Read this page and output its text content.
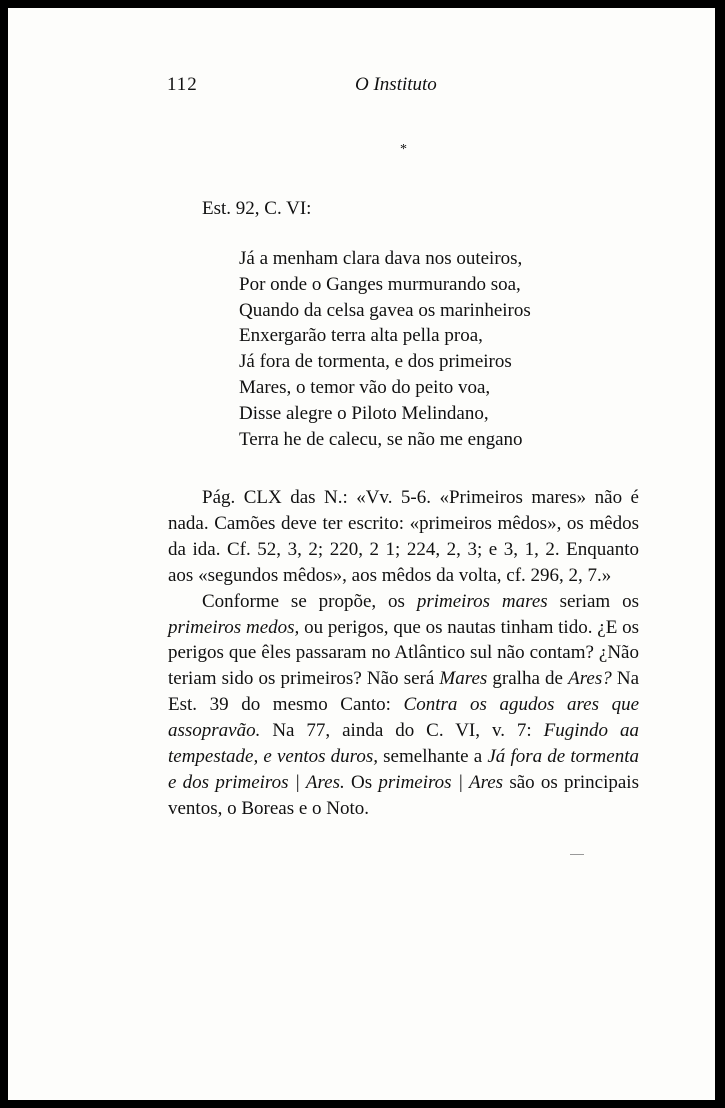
112	O Instituto
*
Est. 92, C. VI:
Já a menham clara dava nos outeiros,
Por onde o Ganges murmurando soa,
Quando da celsa gavea os marinheiros
Enxergarão terra alta pella proa,
Já fora de tormenta, e dos primeiros
Mares, o temor vão do peito voa,
Disse alegre o Piloto Melindano,
Terra he de calecu, se não me engano

Pág. CLX das N.: «Vv. 5-6. «Primeiros mares» não é nada. Camões deve ter escrito: «primeiros mêdos», os mêdos da ida. Cf. 52, 3, 2; 220, 2 1; 224, 2, 3; e 3, 1, 2. Enquanto aos «segundos mêdos», aos mêdos da volta, cf. 296, 2, 7.»

Conforme se propõe, os primeiros mares seriam os primeiros medos, ou perigos, que os nautas tinham tido. ¿E os perigos que êles passaram no Atlântico sul não contam? ¿Não teriam sido os primeiros? Não será Mares gralha de Ares? Na Est. 39 do mesmo Canto: Contra os agudos ares que assopravão. Na 77, ainda do C. VI, v. 7: Fugindo aa tempestade, e ventos duros, semelhante a Já fora de tormenta e dos primeiros | Ares. Os primeiros | Ares são os principais ventos, o Boreas e o Noto.
